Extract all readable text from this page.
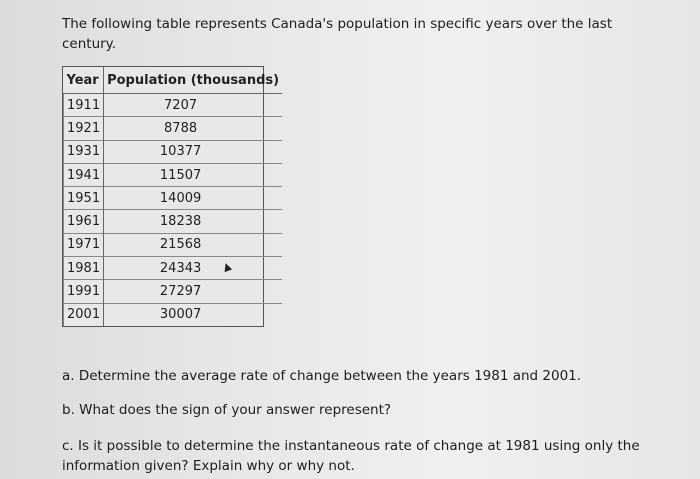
The following table represents Canada's population in specific years over the last century.
Year	Population (thousands)
1911	7207
1921	8788
1931	10377
1941	11507
1951	14009
1961	18238
1971	21568
1981	24343
1991	27297
2001	30007
a. Determine the average rate of change between the years 1981 and 2001.
b. What does the sign of your answer represent?
c. Is it possible to determine the instantaneous rate of change at 1981 using only the information given? Explain why or why not.
